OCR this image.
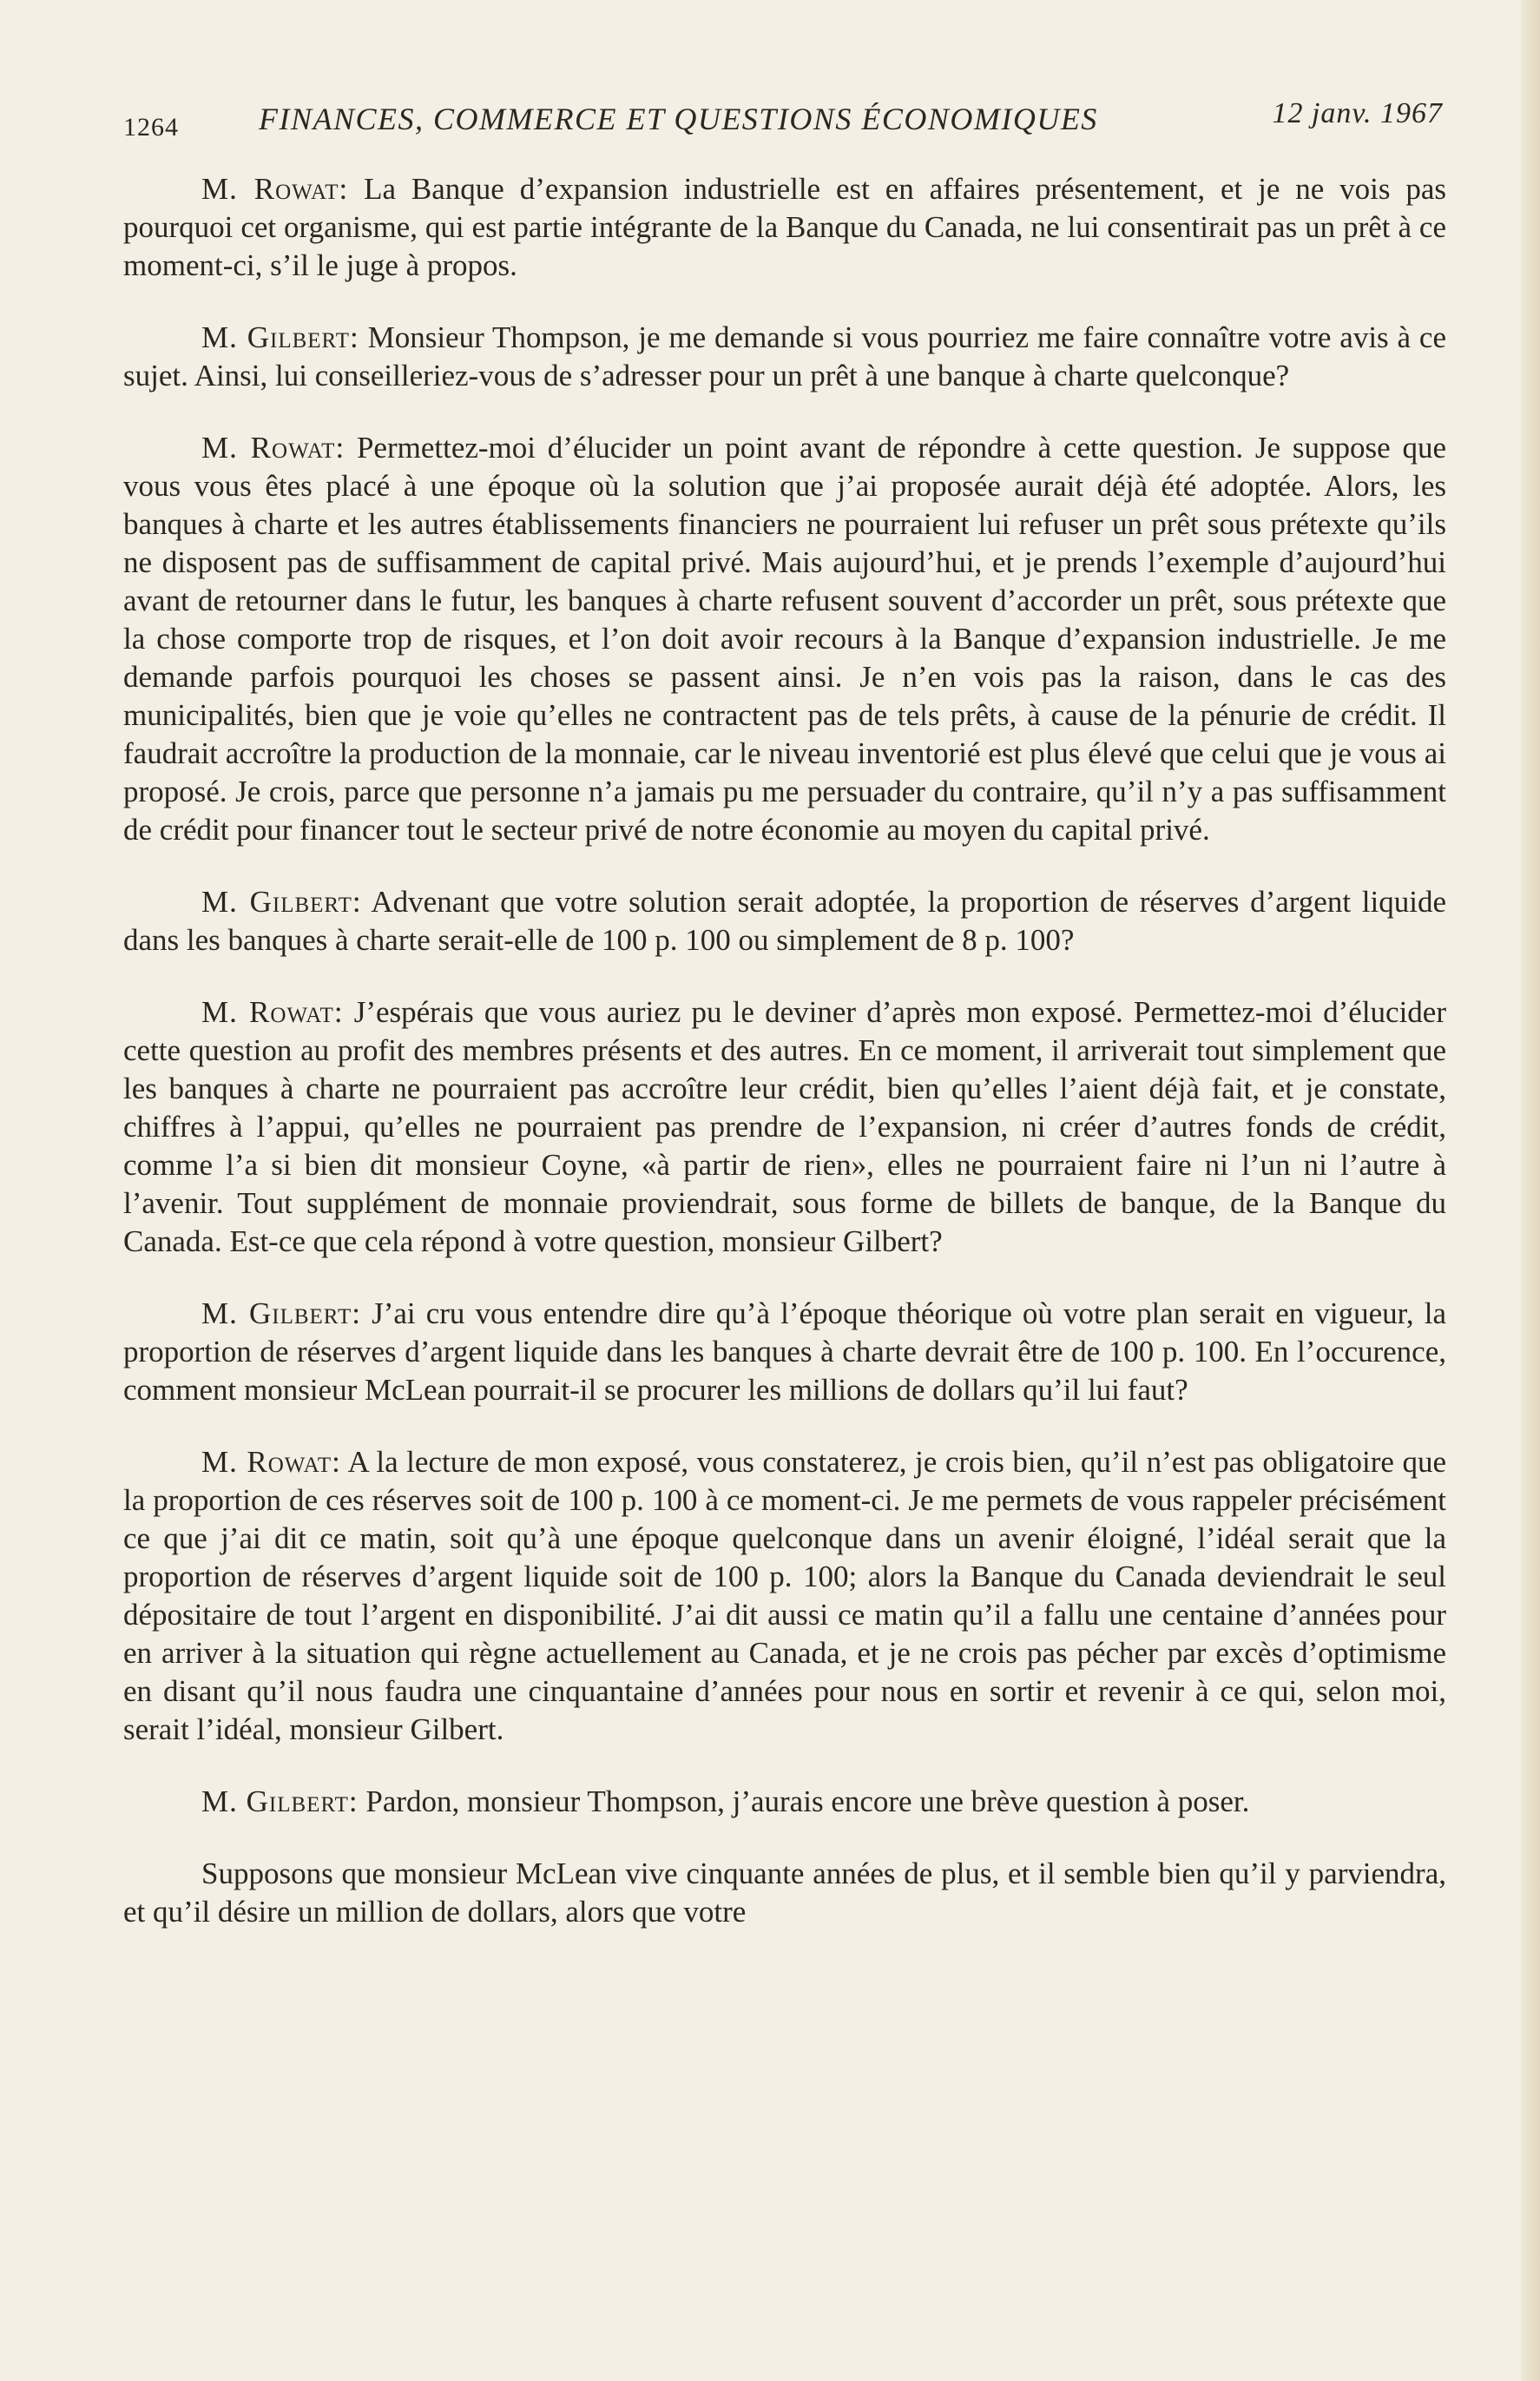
1264	FINANCES, COMMERCE ET QUESTIONS ÉCONOMIQUES	12 janv. 1967

M. Rowat: La Banque d’expansion industrielle est en affaires présentement, et je ne vois pas pourquoi cet organisme, qui est partie intégrante de la Banque du Canada, ne lui consentirait pas un prêt à ce moment-ci, s’il le juge à propos.

M. Gilbert: Monsieur Thompson, je me demande si vous pourriez me faire connaître votre avis à ce sujet. Ainsi, lui conseilleriez-vous de s’adresser pour un prêt à une banque à charte quelconque?

M. Rowat: Permettez-moi d’élucider un point avant de répondre à cette question. Je suppose que vous vous êtes placé à une époque où la solution que j’ai proposée aurait déjà été adoptée. Alors, les banques à charte et les autres établissements financiers ne pourraient lui refuser un prêt sous prétexte qu’ils ne disposent pas de suffisamment de capital privé. Mais aujourd’hui, et je prends l’exemple d’aujourd’hui avant de retourner dans le futur, les banques à charte refusent souvent d’accorder un prêt, sous prétexte que la chose comporte trop de risques, et l’on doit avoir recours à la Banque d’expansion industrielle. Je me demande parfois pourquoi les choses se passent ainsi. Je n’en vois pas la raison, dans le cas des municipalités, bien que je voie qu’elles ne contractent pas de tels prêts, à cause de la pénurie de crédit. Il faudrait accroître la production de la monnaie, car le niveau inventorié est plus élevé que celui que je vous ai proposé. Je crois, parce que personne n’a jamais pu me persuader du contraire, qu’il n’y a pas suffisamment de crédit pour financer tout le secteur privé de notre économie au moyen du capital privé.

M. Gilbert: Advenant que votre solution serait adoptée, la proportion de réserves d’argent liquide dans les banques à charte serait-elle de 100 p. 100 ou simplement de 8 p. 100?

M. Rowat: J’espérais que vous auriez pu le deviner d’après mon exposé. Permettez-moi d’élucider cette question au profit des membres présents et des autres. En ce moment, il arriverait tout simplement que les banques à charte ne pourraient pas accroître leur crédit, bien qu’elles l’aient déjà fait, et je constate, chiffres à l’appui, qu’elles ne pourraient pas prendre de l’expansion, ni créer d’autres fonds de crédit, comme l’a si bien dit monsieur Coyne, «à partir de rien», elles ne pourraient faire ni l’un ni l’autre à l’avenir. Tout supplément de monnaie proviendrait, sous forme de billets de banque, de la Banque du Canada. Est-ce que cela répond à votre question, monsieur Gilbert?

M. Gilbert: J’ai cru vous entendre dire qu’à l’époque théorique où votre plan serait en vigueur, la proportion de réserves d’argent liquide dans les banques à charte devrait être de 100 p. 100. En l’occurence, comment monsieur McLean pourrait-il se procurer les millions de dollars qu’il lui faut?

M. Rowat: A la lecture de mon exposé, vous constaterez, je crois bien, qu’il n’est pas obligatoire que la proportion de ces réserves soit de 100 p. 100 à ce moment-ci. Je me permets de vous rappeler précisément ce que j’ai dit ce matin, soit qu’à une époque quelconque dans un avenir éloigné, l’idéal serait que la proportion de réserves d’argent liquide soit de 100 p. 100; alors la Banque du Canada deviendrait le seul dépositaire de tout l’argent en disponibilité. J’ai dit aussi ce matin qu’il a fallu une centaine d’années pour en arriver à la situation qui règne actuellement au Canada, et je ne crois pas pécher par excès d’optimisme en disant qu’il nous faudra une cinquantaine d’années pour nous en sortir et revenir à ce qui, selon moi, serait l’idéal, monsieur Gilbert.

M. Gilbert: Pardon, monsieur Thompson, j’aurais encore une brève question à poser.

Supposons que monsieur McLean vive cinquante années de plus, et il semble bien qu’il y parviendra, et qu’il désire un million de dollars, alors que votre
